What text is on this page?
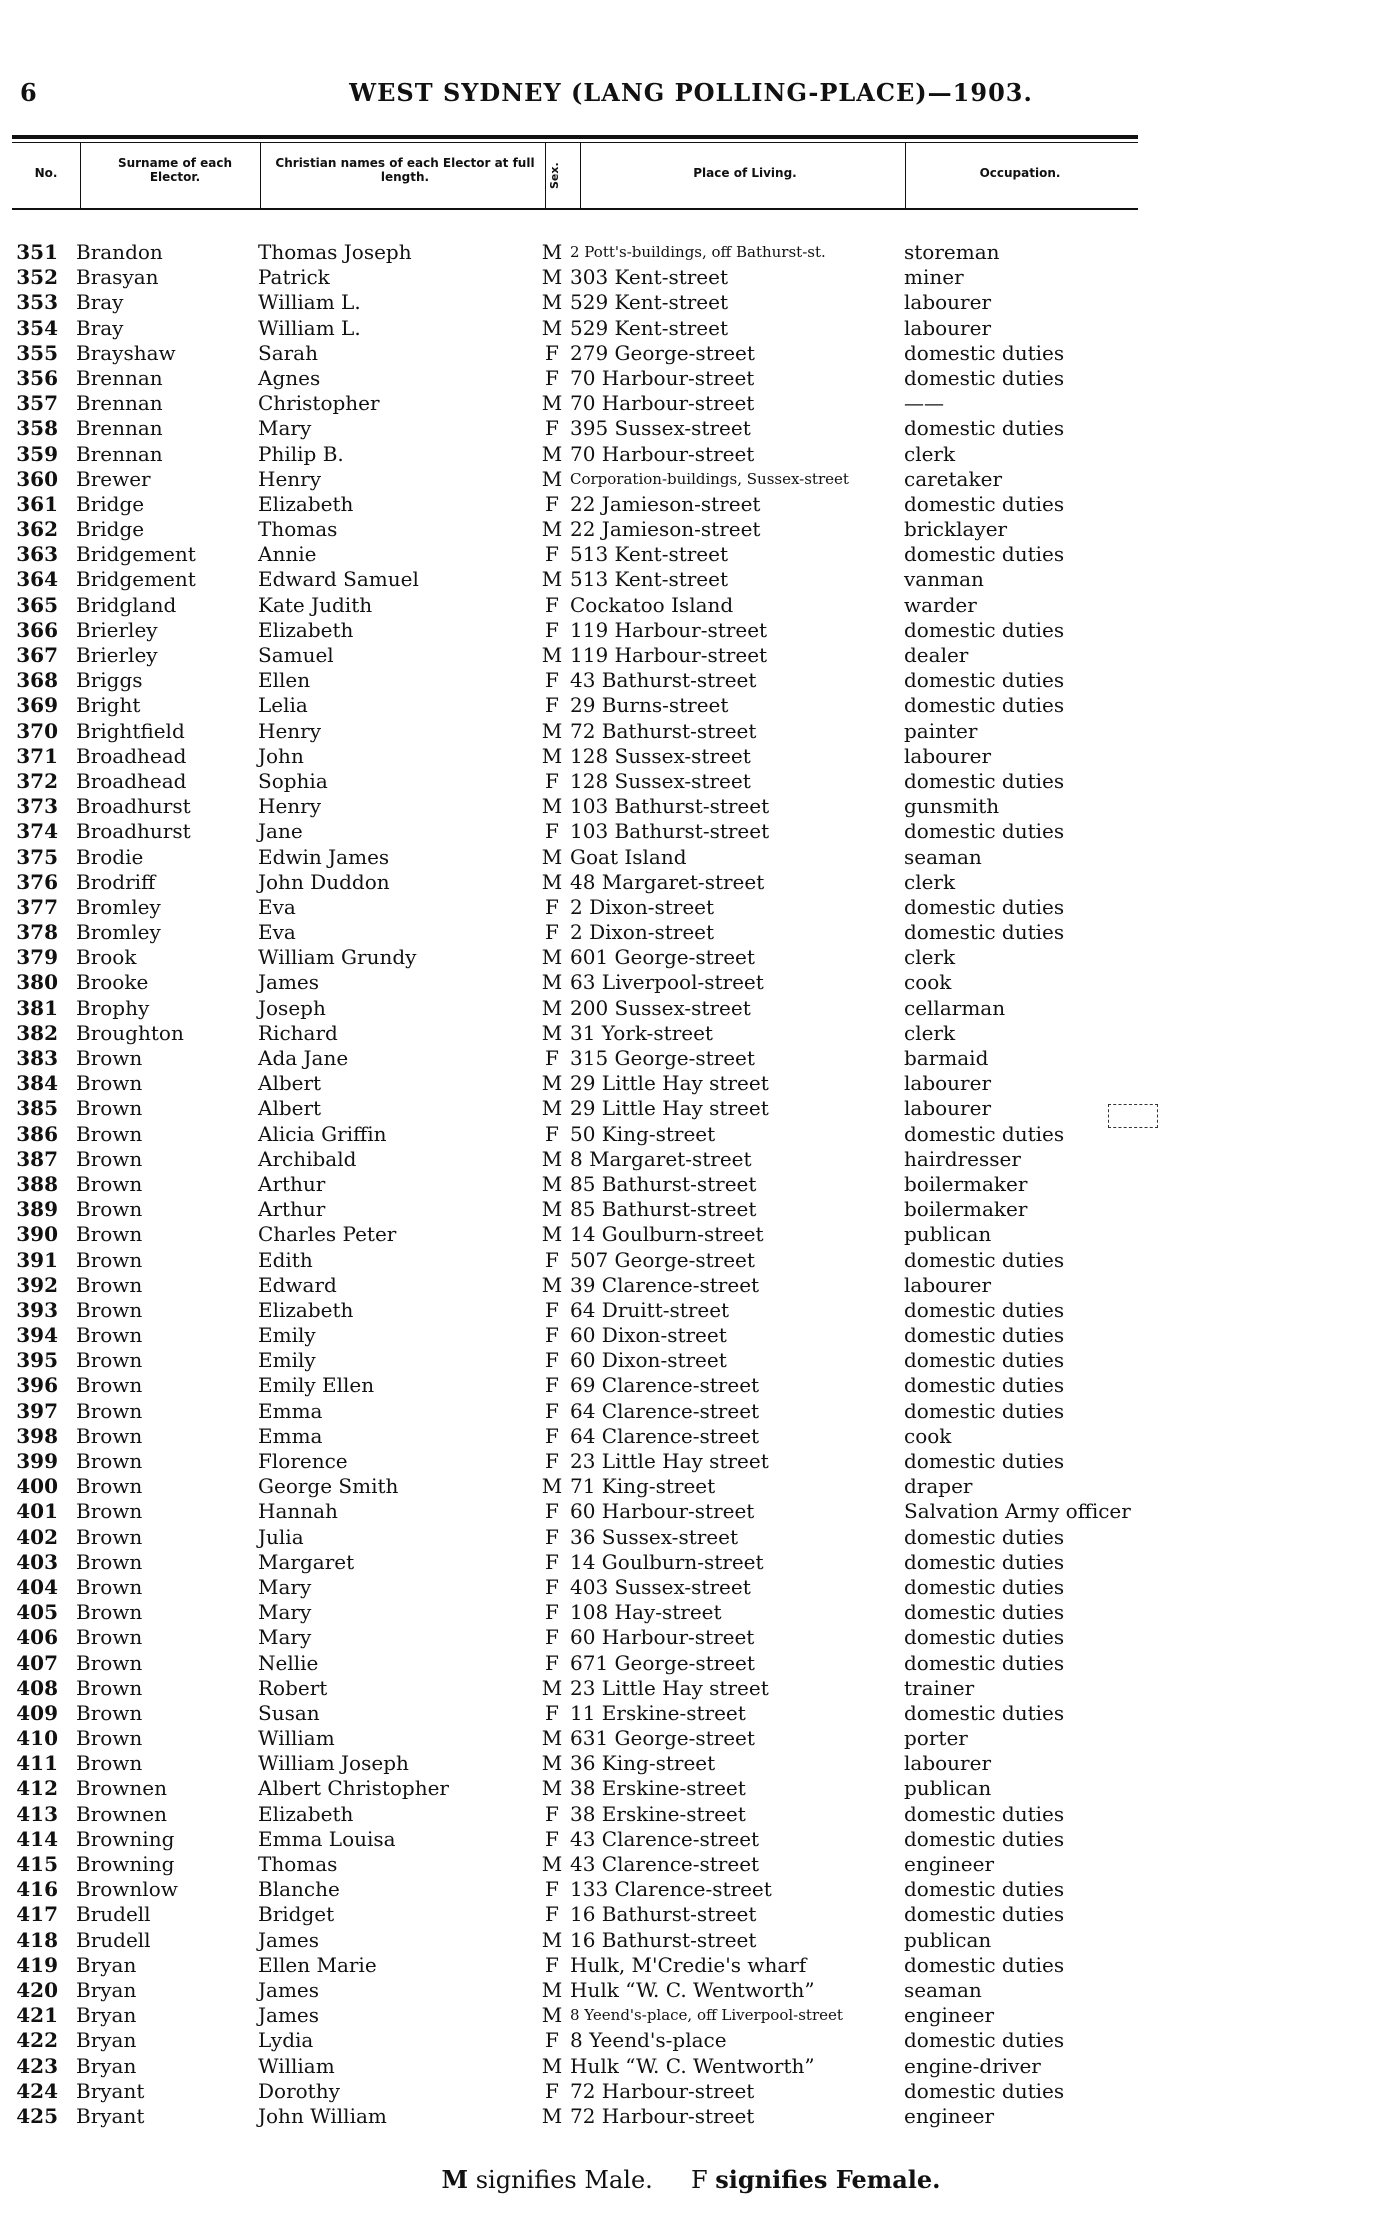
6	WEST SYDNEY (LANG POLLING-PLACE)—1903.
No.
Surname of each Elector.
Christian names of each Elector at full length.	Sex.	Place of Living.	Occupation.
351 Brandon	Thomas Joseph	M 2 Pott's-buildings, off Bathurst-st.	storeman
352 Brasyan	Patrick	M 303 Kent-street	miner
353 Bray	William L.	M 529 Kent-street	labourer
354 Bray	William L.	M 529 Kent-street	labourer
355 Brayshaw	Sarah	F 279 George-street	domestic duties
356 Brennan	Agnes	F 70 Harbour-street	domestic duties
357 Brennan	Christopher	M 70 Harbour-street	——
358 Brennan	Mary	F 395 Sussex-street	domestic duties
359 Brennan	Philip B.	M 70 Harbour-street	clerk
360 Brewer	Henry	M Corporation-buildings, Sussex-street	caretaker
361 Bridge	Elizabeth	F 22 Jamieson-street	domestic duties
362 Bridge	Thomas	M 22 Jamieson-street	bricklayer
363 Bridgement	Annie	F 513 Kent-street	domestic duties
364 Bridgement	Edward Samuel	M 513 Kent-street	vanman
365 Bridgland	Kate Judith	F Cockatoo Island	warder
366 Brierley	Elizabeth	F 119 Harbour-street	domestic duties
367 Brierley	Samuel	M 119 Harbour-street	dealer
368 Briggs	Ellen	F 43 Bathurst-street	domestic duties
369 Bright	Lelia	F 29 Burns-street	domestic duties
370 Brightfield	Henry	M 72 Bathurst-street	painter
371 Broadhead	John	M 128 Sussex-street	labourer
372 Broadhead	Sophia	F 128 Sussex-street	domestic duties
373 Broadhurst	Henry	M 103 Bathurst-street	gunsmith
374 Broadhurst	Jane	F 103 Bathurst-street	domestic duties
375 Brodie	Edwin James	M Goat Island	seaman
376 Brodriff	John Duddon	M 48 Margaret-street	clerk
377 Bromley	Eva	F 2 Dixon-street	domestic duties
378 Bromley	Eva	F 2 Dixon-street	domestic duties
379 Brook	William Grundy	M 601 George-street	clerk
380 Brooke	James	M 63 Liverpool-street	cook
381 Brophy	Joseph	M 200 Sussex-street	cellarman
382 Broughton	Richard	M 31 York-street	clerk
383 Brown	Ada Jane	F 315 George-street	barmaid
384 Brown	Albert	M 29 Little Hay street	labourer
385 Brown	Albert	M 29 Little Hay street	labourer
386 Brown	Alicia Griffin	F 50 King-street	domestic duties
387 Brown	Archibald	M 8 Margaret-street	hairdresser
388 Brown	Arthur	M 85 Bathurst-street	boilermaker
389 Brown	Arthur	M 85 Bathurst-street	boilermaker
390 Brown	Charles Peter	M 14 Goulburn-street	publican
391 Brown	Edith	F 507 George-street	domestic duties
392 Brown	Edward	M 39 Clarence-street	labourer
393 Brown	Elizabeth	F 64 Druitt-street	domestic duties
394 Brown	Emily	F 60 Dixon-street	domestic duties
395 Brown	Emily	F 60 Dixon-street	domestic duties
396 Brown	Emily Ellen	F 69 Clarence-street	domestic duties
397 Brown	Emma	F 64 Clarence-street	domestic duties
398 Brown	Emma	F 64 Clarence-street	cook
399 Brown	Florence	F 23 Little Hay street	domestic duties
400 Brown	George Smith	M 71 King-street	draper
401 Brown	Hannah	F 60 Harbour-street	Salvation Army officer
402 Brown	Julia	F 36 Sussex-street	domestic duties
403 Brown	Margaret	F 14 Goulburn-street	domestic duties
404 Brown	Mary	F 403 Sussex-street	domestic duties
405 Brown	Mary	F 108 Hay-street	domestic duties
406 Brown	Mary	F 60 Harbour-street	domestic duties
407 Brown	Nellie	F 671 George-street	domestic duties
408 Brown	Robert	M 23 Little Hay street	trainer
409 Brown	Susan	F 11 Erskine-street	domestic duties
410 Brown	William	M 631 George-street	porter
411 Brown	William Joseph	M 36 King-street	labourer
412 Brownen	Albert Christopher	M 38 Erskine-street	publican
413 Brownen	Elizabeth	F 38 Erskine-street	domestic duties
414 Browning	Emma Louisa	F 43 Clarence-street	domestic duties
415 Browning	Thomas	M 43 Clarence-street	engineer
416 Brownlow	Blanche	F 133 Clarence-street	domestic duties
417 Brudell	Bridget	F 16 Bathurst-street	domestic duties
418 Brudell	James	M 16 Bathurst-street	publican
419 Bryan	Ellen Marie	F Hulk, M'Credie's wharf	domestic duties
420 Bryan	James	M Hulk “W. C. Wentworth”	seaman
421 Bryan	James	M 8 Yeend's-place, off Liverpool-street	engineer
422 Bryan	Lydia	F 8 Yeend's-place	domestic duties
423 Bryan	William	M Hulk “W. C. Wentworth”	engine-driver
424 Bryant	Dorothy	F 72 Harbour-street	domestic duties
425 Bryant	John William	M 72 Harbour-street	engineer
M signifies Male. F signifies Female.
